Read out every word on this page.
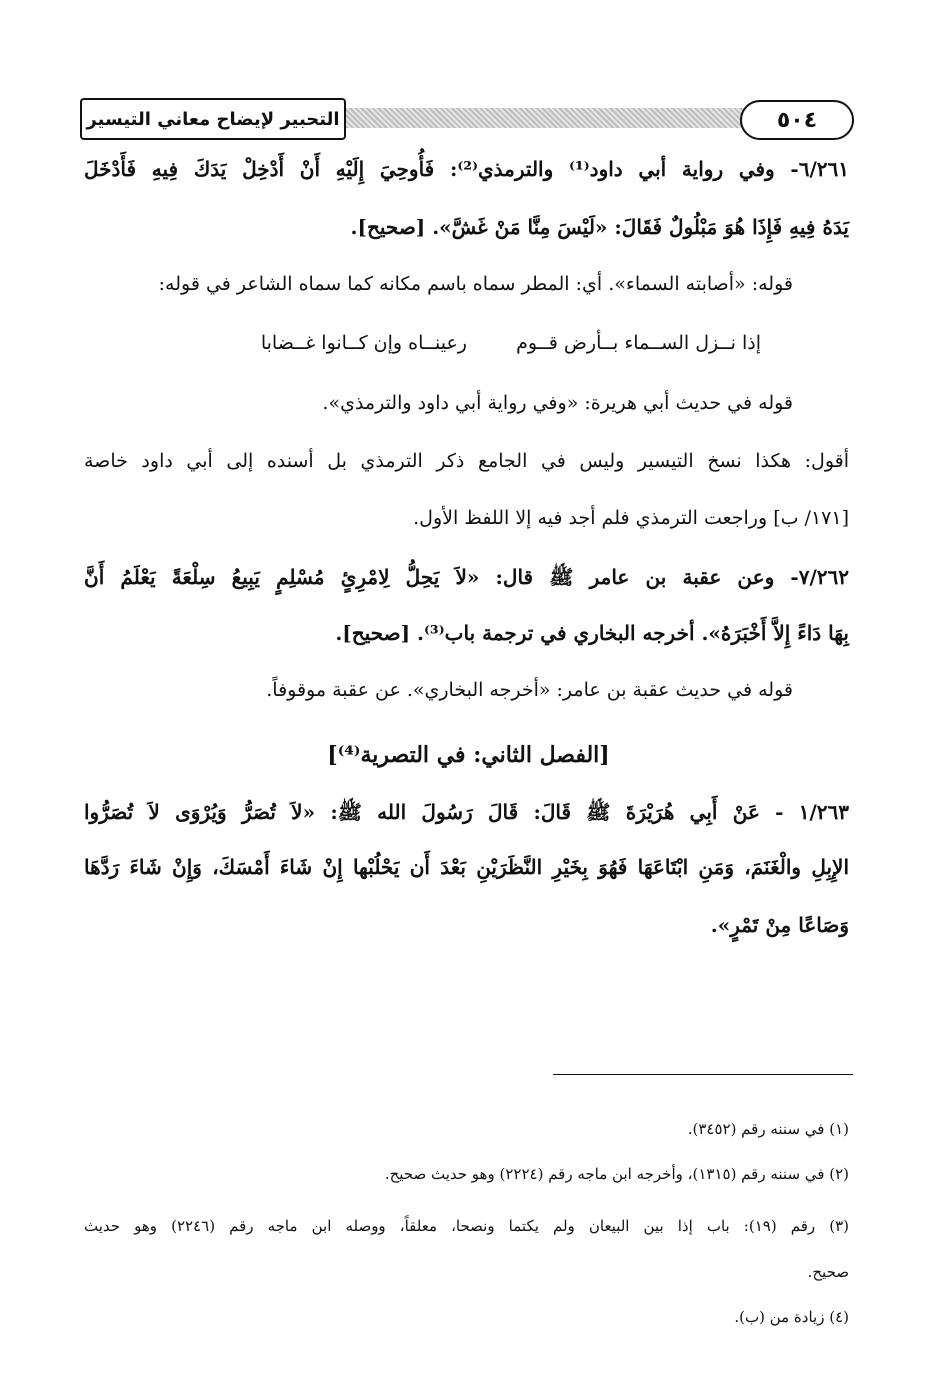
٥٠٤
التحبير لإيضاح معاني التيسير
٦/٢٦١- وفي رواية أبي داود⁽¹⁾ والترمذي⁽²⁾: فَأُوحِيَ إِلَيْهِ أَنْ أَدْخِلْ يَدَكَ فِيهِ فَأَدْخَلَ
يَدَهُ فِيهِ فَإِذَا هُوَ مَبْلُولٌ فَقَالَ: «لَيْسَ مِنَّا مَنْ غَشَّ». [صحيح].
قوله: «أصابته السماء». أي: المطر سماه باسم مكانه كما سماه الشاعر في قوله:
إذا نــزل الســماء بــأرض قــوم
رعينــاه وإن كــانوا غــضابا
قوله في حديث أبي هريرة: «وفي رواية أبي داود والترمذي».
أقول: هكذا نسخ التيسير وليس في الجامع ذكر الترمذي بل أسنده إلى أبي داود خاصة
[١٧١/ ب] وراجعت الترمذي فلم أجد فيه إلا اللفظ الأول.
٧/٢٦٢- وعن عقبة بن عامر ﷺ قال: «لاَ يَحِلُّ لِامْرِئٍ مُسْلِمٍ يَبِيعُ سِلْعَةً يَعْلَمُ أَنَّ
بِهَا دَاءً إِلاَّ أَخْبَرَهُ». أخرجه البخاري في ترجمة باب⁽³⁾. [صحيح].
قوله في حديث عقبة بن عامر: «أخرجه البخاري». عن عقبة موقوفاً.
[الفصل الثاني: في التصرية⁽⁴⁾]
١/٢٦٣ - عَنْ أَبِي هُرَيْرَةَ ﷺ قَالَ: قَالَ رَسُولَ الله ﷺ: «لاَ تُصَرُّ وَيُرْوَى لاَ تُصَرُّوا
الإِبِلِ والْغَنَمَ، وَمَنِ ابْتَاعَهَا فَهُوَ بِخَيْرِ النَّظَرَيْنِ بَعْدَ أَن يَحْلُبْها إِنْ شَاءَ أَمْسَكَ، وَإِنْ شَاءَ رَدَّهَا
وَصَاعًا مِنْ تَمْرٍ».
(١) في سننه رقم (٣٤٥٢).
(٢) في سننه رقم (١٣١٥)، وأخرجه ابن ماجه رقم (٢٢٢٤) وهو حديث صحيح.
(٣) رقم (١٩): باب إذا بين البيعان ولم يكتما ونصحا، معلقاً، ووصله ابن ماجه رقم (٢٢٤٦) وهو حديث
صحيح.
(٤) زيادة من (ب).
